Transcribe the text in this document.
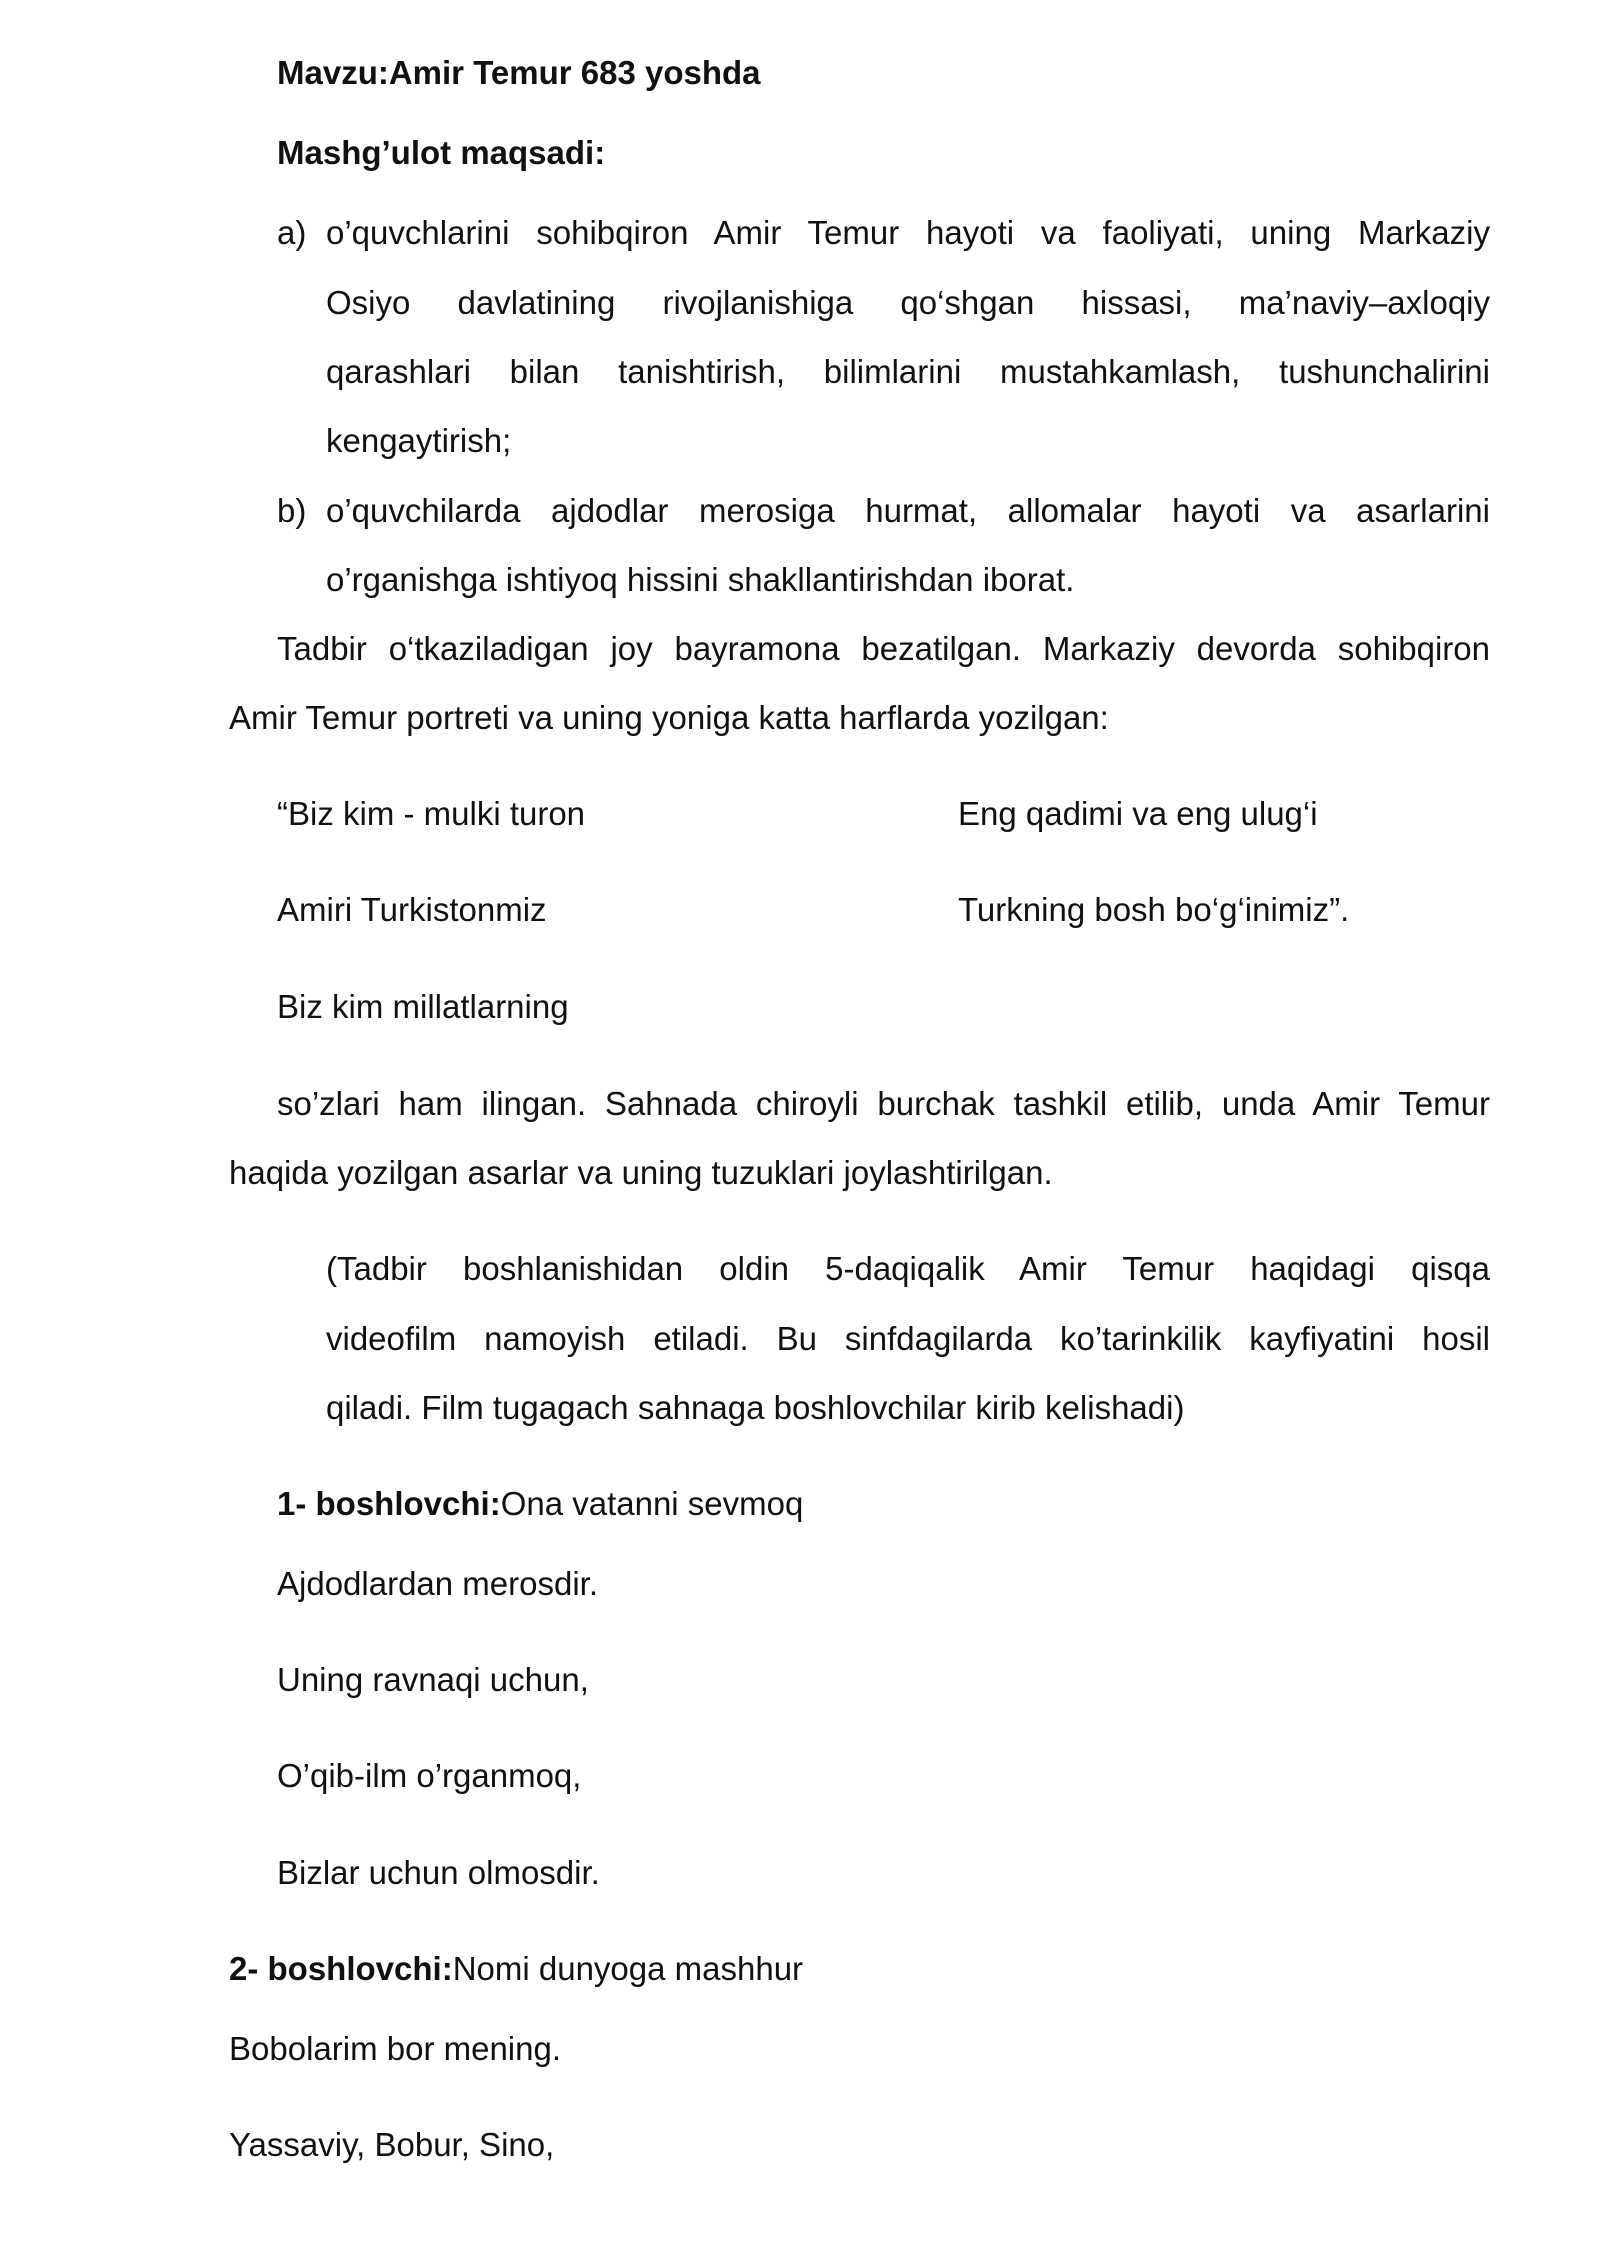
Mavzu:Amir Temur 683 yoshda
Mashg’ulot maqsadi:
a) o’quvchlarini sohibqiron Amir Temur hayoti va faoliyati, uning Markaziy
Osiyo davlatining rivojlanishiga qo‘shgan hissasi, ma’naviy–axloqiy
qarashlari bilan tanishtirish, bilimlarini mustahkamlash, tushunchalirini
kengaytirish;
b) o’quvchilarda ajdodlar merosiga hurmat, allomalar hayoti va asarlarini
o’rganishga ishtiyoq hissini shakllantirishdan iborat.
Tadbir o‘tkaziladigan joy bayramona bezatilgan. Markaziy devorda sohibqiron
Amir Temur portreti va uning yoniga katta harflarda yozilgan:
“Biz kim - mulki turon	Eng qadimi va eng ulug‘i
Amiri Turkistonmiz	Turkning bosh bo‘g‘inimiz”.
Biz kim millatlarning
so’zlari ham ilingan. Sahnada chiroyli burchak tashkil etilib, unda Amir Temur
haqida yozilgan asarlar va uning tuzuklari joylashtirilgan.
(Tadbir boshlanishidan oldin 5-daqiqalik Amir Temur haqidagi qisqa
videofilm namoyish etiladi. Bu sinfdagilarda ko’tarinkilik kayfiyatini hosil
qiladi. Film tugagach sahnaga boshlovchilar kirib kelishadi)
1- boshlovchi:Ona vatanni sevmoq
Ajdodlardan merosdir.
Uning ravnaqi uchun,
O’qib-ilm o’rganmoq,
Bizlar uchun olmosdir.
2- boshlovchi:Nomi dunyoga mashhur
Bobolarim bor mening.
Yassaviy, Bobur, Sino,
